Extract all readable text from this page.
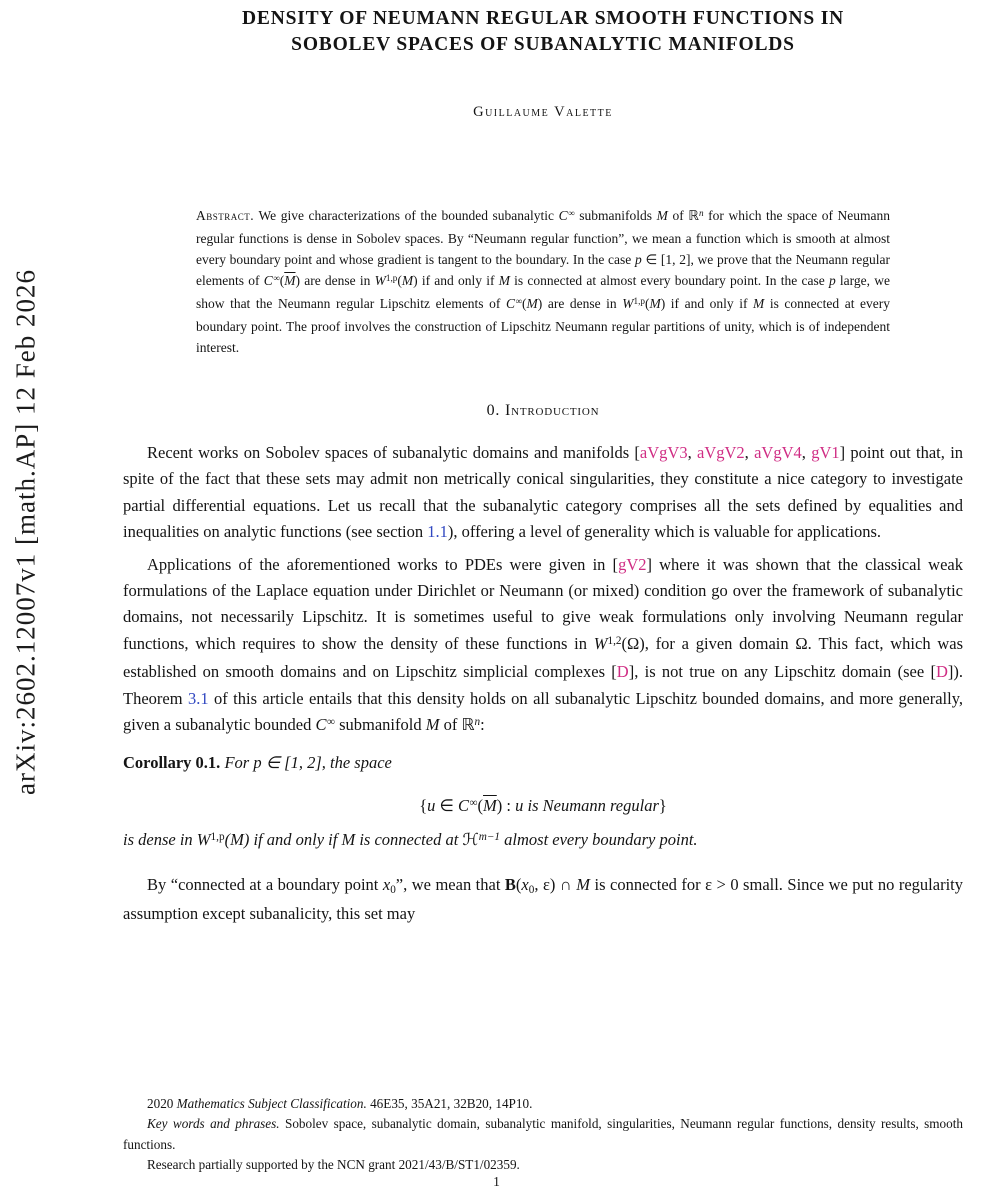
arXiv:2602.12007v1 [math.AP] 12 Feb 2026
DENSITY OF NEUMANN REGULAR SMOOTH FUNCTIONS IN
SOBOLEV SPACES OF SUBANALYTIC MANIFOLDS
Guillaume Valette
Abstract. We give characterizations of the bounded subanalytic C∞ submanifolds M of ℝ$^n$ for which the space of Neumann regular functions is dense in Sobolev spaces. By “Neumann regular function”, we mean a function which is smooth at almost every boundary point and whose gradient is tangent to the boundary. In the case p ∈ [1, 2], we prove that the Neumann regular elements of $C^\infty(\overline{M})$ are dense in W$^{1,p}$(M) if and only if M is connected at almost every boundary point. In the case p large, we show that the Neumann regular Lipschitz elements of C∞(M) are dense in W$^{1,p}$(M) if and only if M is connected at every boundary point. The proof involves the construction of Lipschitz Neumann regular partitions of unity, which is of independent interest.
0. Introduction

Recent works on Sobolev spaces of subanalytic domains and manifolds [aVgV3, aVgV2, aVgV4, gV1] point out that, in spite of the fact that these sets may admit non metrically conical singularities, they constitute a nice category to investigate partial differential equations. Let us recall that the subanalytic category comprises all the sets defined by equalities and inequalities on analytic functions (see section 1.1), offering a level of generality which is valuable for applications.

Applications of the aforementioned works to PDEs were given in [gV2] where it was shown that the classical weak formulations of the Laplace equation under Dirichlet or Neumann (or mixed) condition go over the framework of subanalytic domains, not necessarily Lipschitz. It is sometimes useful to give weak formulations only involving Neumann regular functions, which requires to show the density of these functions in W$^{1,2}$(Ω), for a given domain Ω. This fact, which was established on smooth domains and on Lipschitz simplicial complexes [D], is not true on any Lipschitz domain (see [D]). Theorem 3.1 of this article entails that this density holds on all subanalytic Lipschitz bounded domains, and more generally, given a subanalytic bounded C∞ submanifold M of ℝ$^n$:

Corollary 0.1. For p ∈ [1, 2], the space

{u ∈ $C^\infty(\overline{M})$ : u is Neumann regular}

is dense in W$^{1,p}$(M) if and only if M is connected at ℋ$^{m-1}$ almost every boundary point.

By “connected at a boundary point x0”, we mean that B(x0, ε) ∩ M is connected for ε > 0 small. Since we put no regularity assumption except subanalicity, this set may

2020 Mathematics Subject Classification. 46E35, 35A21, 32B20, 14P10.
Key words and phrases. Sobolev space, subanalytic domain, subanalytic manifold, singularities, Neumann regular functions, density results, smooth functions.
Research partially supported by the NCN grant 2021/43/B/ST1/02359.
1
